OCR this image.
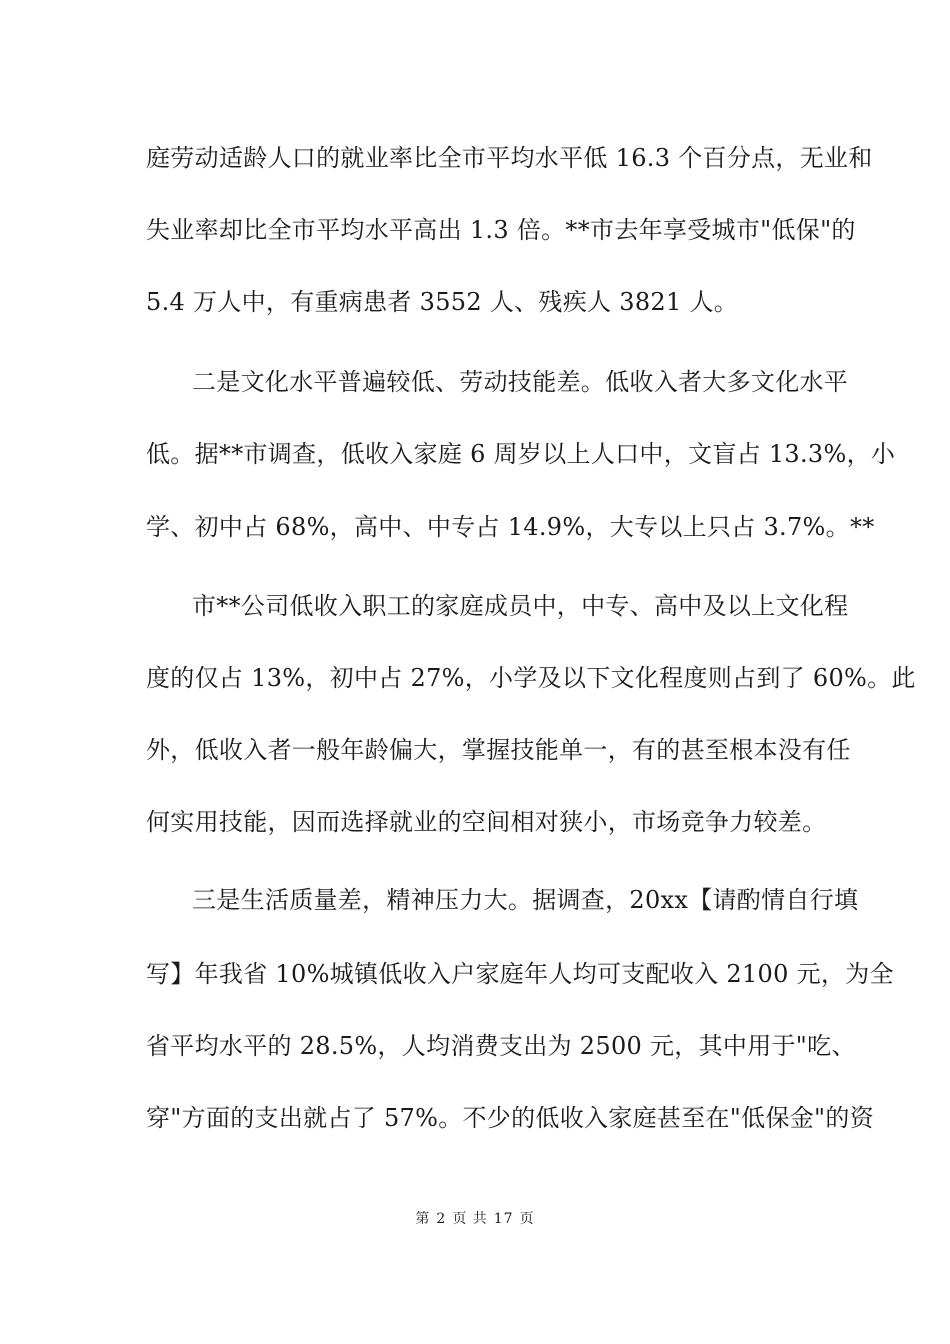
庭劳动适龄人口的就业率比全市平均水平低 16.3 个百分点，无业和
失业率却比全市平均水平高出 1.3 倍。**市去年享受城市"低保"的
5.4 万人中，有重病患者 3552 人、残疾人 3821 人。
二是文化水平普遍较低、劳动技能差。低收入者大多文化水平
低。据**市调查，低收入家庭 6 周岁以上人口中，文盲占 13.3%，小
学、初中占 68%，高中、中专占 14.9%，大专以上只占 3.7%。**
市**公司低收入职工的家庭成员中，中专、高中及以上文化程
度的仅占 13%，初中占 27%，小学及以下文化程度则占到了 60%。此
外，低收入者一般年龄偏大，掌握技能单一，有的甚至根本没有任
何实用技能，因而选择就业的空间相对狭小，市场竞争力较差。
三是生活质量差，精神压力大。据调查，20xx【请酌情自行填
写】年我省 10%城镇低收入户家庭年人均可支配收入 2100 元，为全
省平均水平的 28.5%，人均消费支出为 2500 元，其中用于"吃、
穿"方面的支出就占了 57%。不少的低收入家庭甚至在"低保金"的资
第 2 页 共 17 页
